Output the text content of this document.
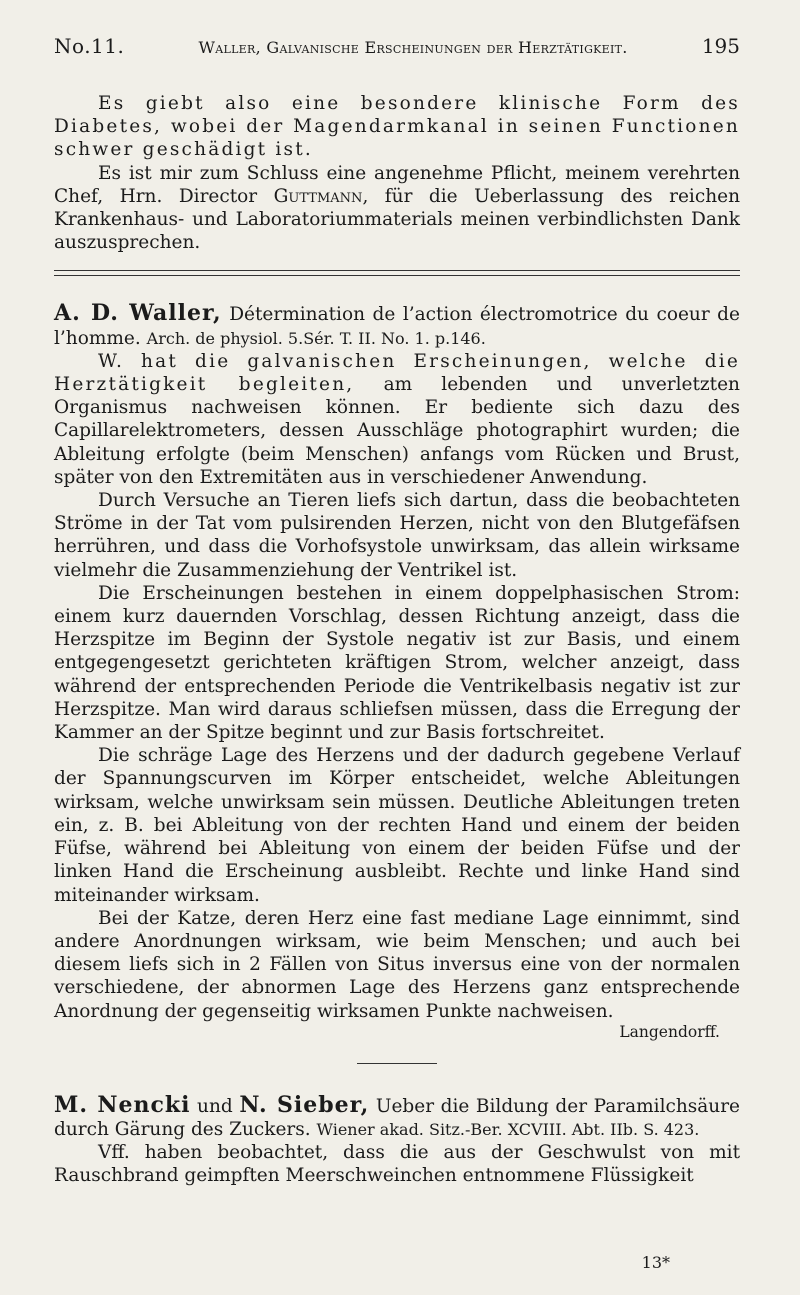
No.11.	Waller, Galvanische Erscheinungen der Herztätigkeit.	195

Es giebt also eine besondere klinische Form des Diabetes, wobei der Magendarmkanal in seinen Functionen schwer geschädigt ist.

Es ist mir zum Schluss eine angenehme Pflicht, meinem verehrten Chef, Hrn. Director Guttmann, für die Ueberlassung des reichen Krankenhaus- und Laboratoriummaterials meinen verbindlichsten Dank auszusprechen.

A. D. Waller, Détermination de l’action électromotrice du coeur de l’homme. Arch. de physiol. 5.Sér. T. II. No. 1. p.146.

W. hat die galvanischen Erscheinungen, welche die Herztätigkeit begleiten, am lebenden und unverletzten Organismus nachweisen können. Er bediente sich dazu des Capillarelektrometers, dessen Ausschläge photographirt wurden; die Ableitung erfolgte (beim Menschen) anfangs vom Rücken und Brust, später von den Extremitäten aus in verschiedener Anwendung.

Durch Versuche an Tieren liefs sich dartun, dass die beobachteten Ströme in der Tat vom pulsirenden Herzen, nicht von den Blutgefäfsen herrühren, und dass die Vorhofsystole unwirksam, das allein wirksame vielmehr die Zusammenziehung der Ventrikel ist.

Die Erscheinungen bestehen in einem doppelphasischen Strom: einem kurz dauernden Vorschlag, dessen Richtung anzeigt, dass die Herzspitze im Beginn der Systole negativ ist zur Basis, und einem entgegengesetzt gerichteten kräftigen Strom, welcher anzeigt, dass während der entsprechenden Periode die Ventrikelbasis negativ ist zur Herzspitze. Man wird daraus schliefsen müssen, dass die Erregung der Kammer an der Spitze beginnt und zur Basis fortschreitet.

Die schräge Lage des Herzens und der dadurch gegebene Verlauf der Spannungscurven im Körper entscheidet, welche Ableitungen wirksam, welche unwirksam sein müssen. Deutliche Ableitungen treten ein, z. B. bei Ableitung von der rechten Hand und einem der beiden Füfse, während bei Ableitung von einem der beiden Füfse und der linken Hand die Erscheinung ausbleibt. Rechte und linke Hand sind miteinander wirksam.

Bei der Katze, deren Herz eine fast mediane Lage einnimmt, sind andere Anordnungen wirksam, wie beim Menschen; und auch bei diesem liefs sich in 2 Fällen von Situs inversus eine von der normalen verschiedene, der abnormen Lage des Herzens ganz entsprechende Anordnung der gegenseitig wirksamen Punkte nachweisen.

Langendorff.

M. Nencki und N. Sieber, Ueber die Bildung der Paramilchsäure durch Gärung des Zuckers. Wiener akad. Sitz.-Ber. XCVIII. Abt. IIb. S. 423.

Vff. haben beobachtet, dass die aus der Geschwulst von mit Rauschbrand geimpften Meerschweinchen entnommene Flüssigkeit

13*
